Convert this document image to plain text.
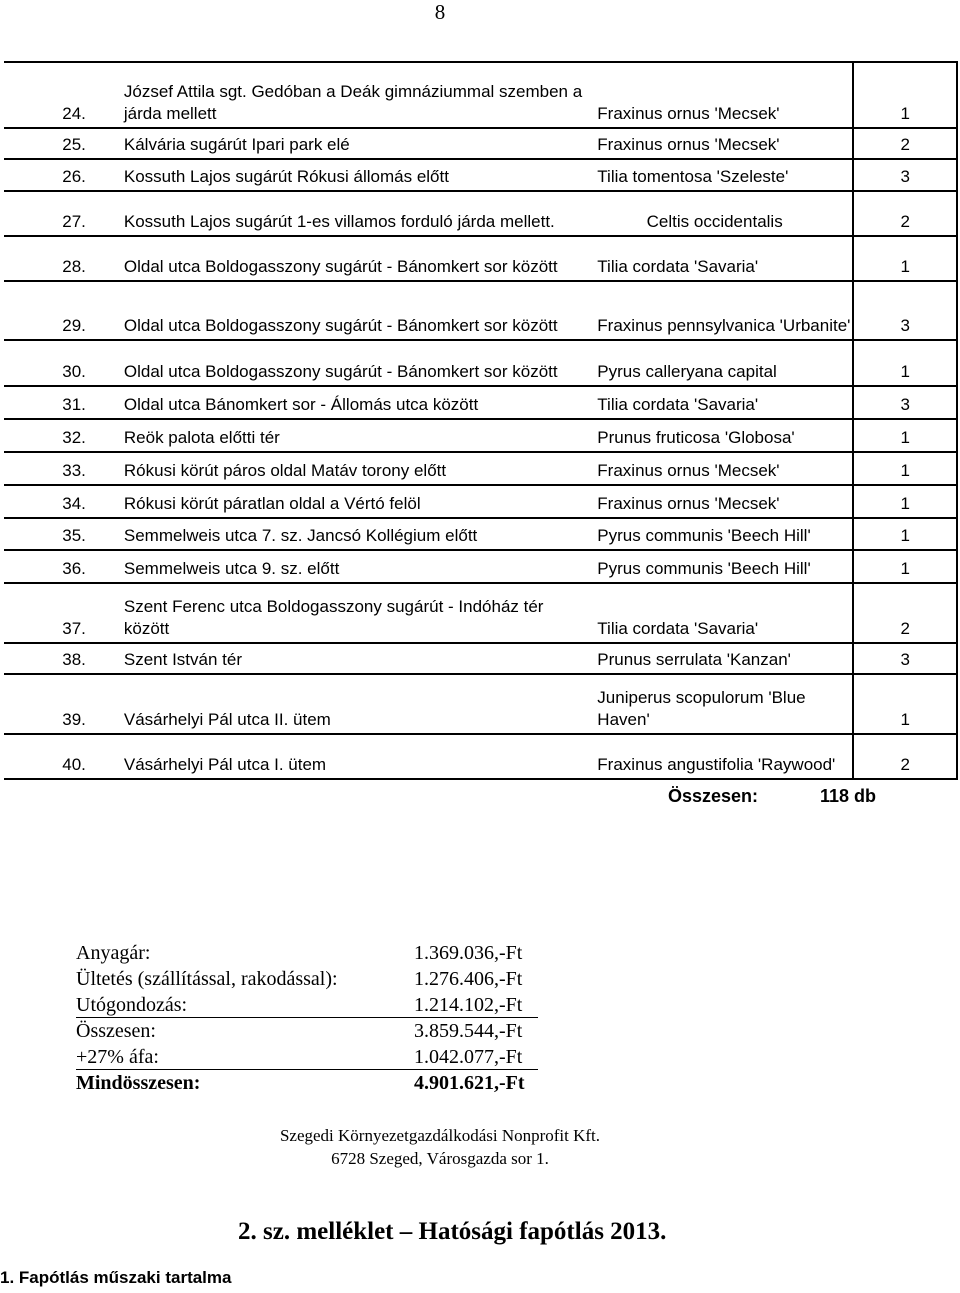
8
24.	József Attila sgt. Gedóban a Deák gimnáziummal szemben a járda mellett	Fraxinus ornus 'Mecsek'	1
25.	Kálvária sugárút Ipari park elé	Fraxinus ornus 'Mecsek'	2
26.	Kossuth Lajos sugárút Rókusi állomás előtt	Tilia tomentosa 'Szeleste'	3
27.	Kossuth Lajos sugárút 1-es villamos forduló járda mellett.	Celtis occidentalis	2
28.	Oldal utca Boldogasszony sugárút - Bánomkert sor között	Tilia cordata 'Savaria'	1
29.	Oldal utca Boldogasszony sugárút - Bánomkert sor között	Fraxinus pennsylvanica 'Urbanite'	3
30.	Oldal utca Boldogasszony sugárút - Bánomkert sor között	Pyrus calleryana capital	1
31.	Oldal utca Bánomkert sor - Állomás utca között	Tilia cordata 'Savaria'	3
32.	Reök palota előtti tér	Prunus fruticosa 'Globosa'	1
33.	Rókusi körút páros oldal Matáv torony előtt	Fraxinus ornus 'Mecsek'	1
34.	Rókusi körút páratlan oldal a Vértó felöl	Fraxinus ornus 'Mecsek'	1
35.	Semmelweis utca 7. sz. Jancsó Kollégium előtt	Pyrus communis 'Beech Hill'	1
36.	Semmelweis utca 9. sz. előtt	Pyrus communis 'Beech Hill'	1
37.	Szent Ferenc utca Boldogasszony sugárút - Indóház tér között	Tilia cordata 'Savaria'	2
38.	Szent István tér	Prunus serrulata 'Kanzan'	3
39.	Vásárhelyi Pál utca II. ütem	Juniperus scopulorum 'Blue Haven'	1
40.	Vásárhelyi Pál utca I. ütem	Fraxinus angustifolia 'Raywood'	2
Összesen:	118 db
Anyagár:	1.369.036,-Ft
Ültetés (szállítással, rakodással):	1.276.406,-Ft
Utógondozás:	1.214.102,-Ft
Összesen:	3.859.544,-Ft
+27% áfa:	1.042.077,-Ft
Mindösszesen:	4.901.621,-Ft
Szegedi Környezetgazdálkodási Nonprofit Kft.
6728 Szeged, Városgazda sor 1.
2. sz. melléklet – Hatósági fapótlás 2013.
1. Fapótlás műszaki tartalma
